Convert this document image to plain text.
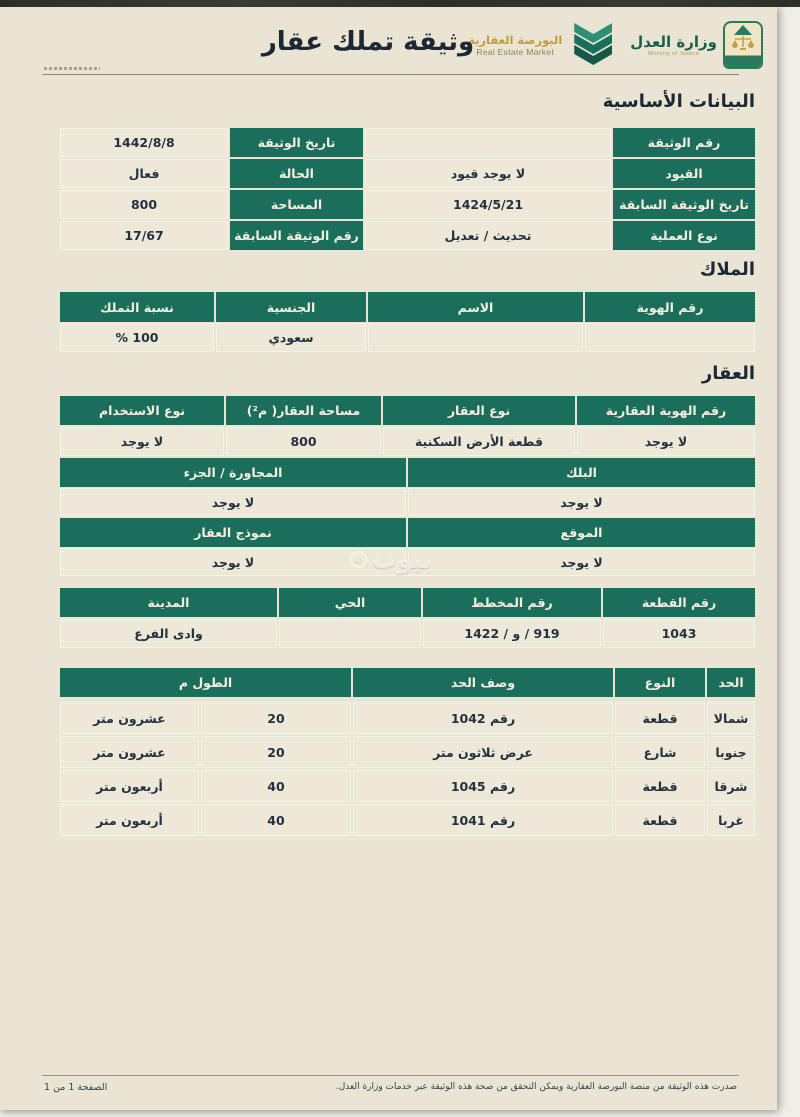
وزارة العدل
Ministry of Justice
البورصة العقارية
Real Estate Market
وثيقة تملك عقار
البيانات الأساسية
رقم الوثيقة
تاريخ الوثيقة
1442/8/8
القيود
لا يوجد قيود
الحالة
فعال
تاريخ الوثيقة السابقة
1424/5/21
المساحة
800
نوع العملية
تحديث / تعديل
رقم الوثيقة السابقة
17/67
الملاك
رقم الهوية
الاسم
الجنسية
نسبة التملك
سعودي
100 %
العقار
رقم الهوية العقارية
نوع العقار
مساحة العقار( م²)
نوع الاستخدام
لا يوجد
قطعة الأرض السكنية
800
لا يوجد
البلك
المجاورة / الجزء
لا يوجد
لا يوجد
الموقع
نموذج العقار
لا يوجد
لا يوجد
رقم القطعة
رقم المخطط
الحي
المدينة
1043
919 / و / 1422
وادى الفرع
الحد
النوع
وصف الحد
الطول م
شمالا
قطعة
رقم 1042
20
عشرون متر
جنوبا
شارع
عرض ثلاثون متر
20
عشرون متر
شرقا
قطعة
رقم 1045
40
أربعون متر
غربا
قطعة
رقم 1041
40
أربعون متر
ب بيوت
صدرت هذه الوثيقة من منصة البورصة العقارية ويمكن التحقق من صحة هذه الوثيقة عبر خدمات وزارة العدل.
الصفحة 1 من 1
